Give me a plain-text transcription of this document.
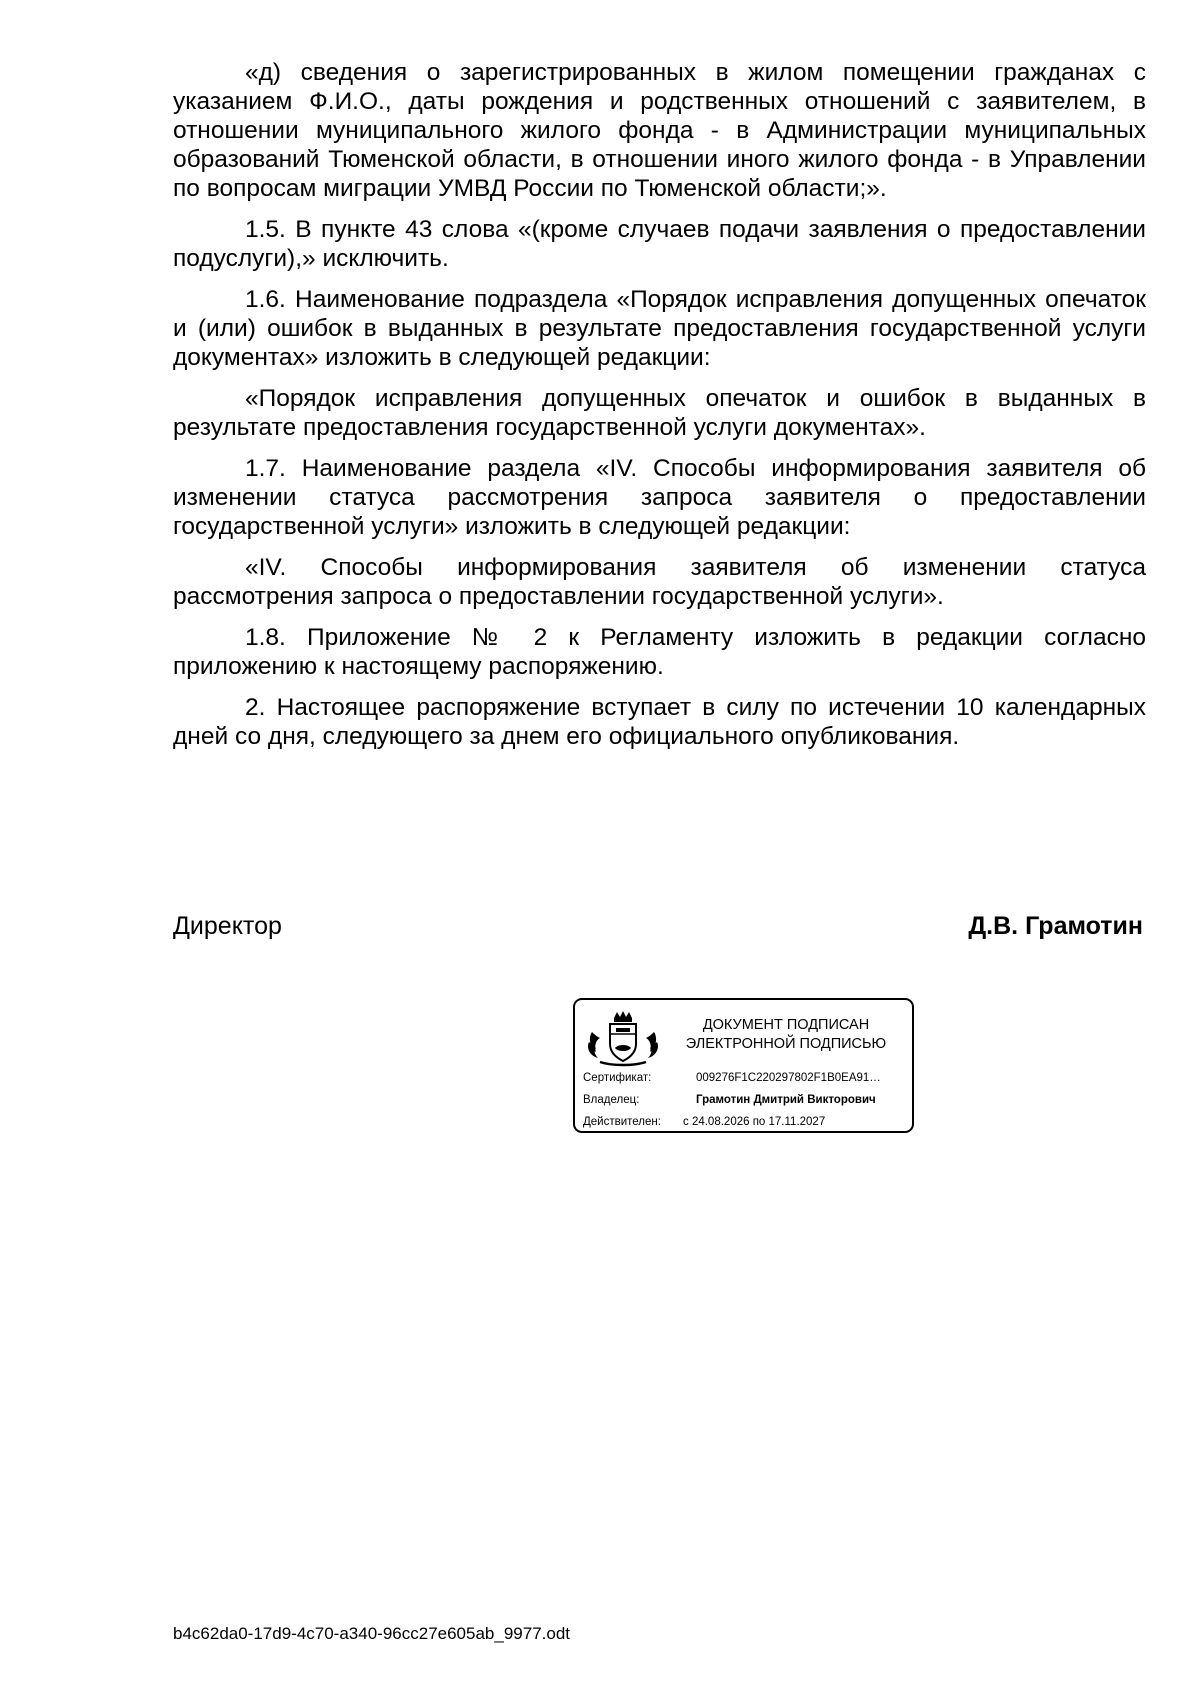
«д) сведения о зарегистрированных в жилом помещении гражданах с указанием Ф.И.О., даты рождения и родственных отношений с заявителем, в отношении муниципального жилого фонда - в Администрации муниципальных образований Тюменской области, в отношении иного жилого фонда - в Управлении по вопросам миграции УМВД России по Тюменской области;».

1.5. В пункте 43 слова «(кроме случаев подачи заявления о предоставлении подуслуги),» исключить.

1.6. Наименование подраздела «Порядок исправления допущенных опечаток и (или) ошибок в выданных в результате предоставления государственной услуги документах» изложить в следующей редакции:

«Порядок исправления допущенных опечаток и ошибок в выданных в результате предоставления государственной услуги документах».

1.7. Наименование раздела «IV. Способы информирования заявителя об изменении статуса рассмотрения запроса заявителя о предоставлении государственной услуги» изложить в следующей редакции:

«IV. Способы информирования заявителя об изменении статуса рассмотрения запроса о предоставлении государственной услуги».

1.8. Приложение № 2 к Регламенту изложить в редакции согласно приложению к настоящему распоряжению.

2. Настоящее распоряжение вступает в силу по истечении 10 календарных дней со дня, следующего за днем его официального опубликования.

Директор	Д.В. Грамотин
ДОКУМЕНТ ПОДПИСАН
ЭЛЕКТРОННОЙ ПОДПИСЬЮ
Сертификат:	009276F1C220297802F1B0EA91…
Владелец:	Грамотин Дмитрий Викторович
Действителен: с 24.08.2026 по 17.11.2027
b4c62da0-17d9-4c70-a340-96cc27e605ab_9977.odt
